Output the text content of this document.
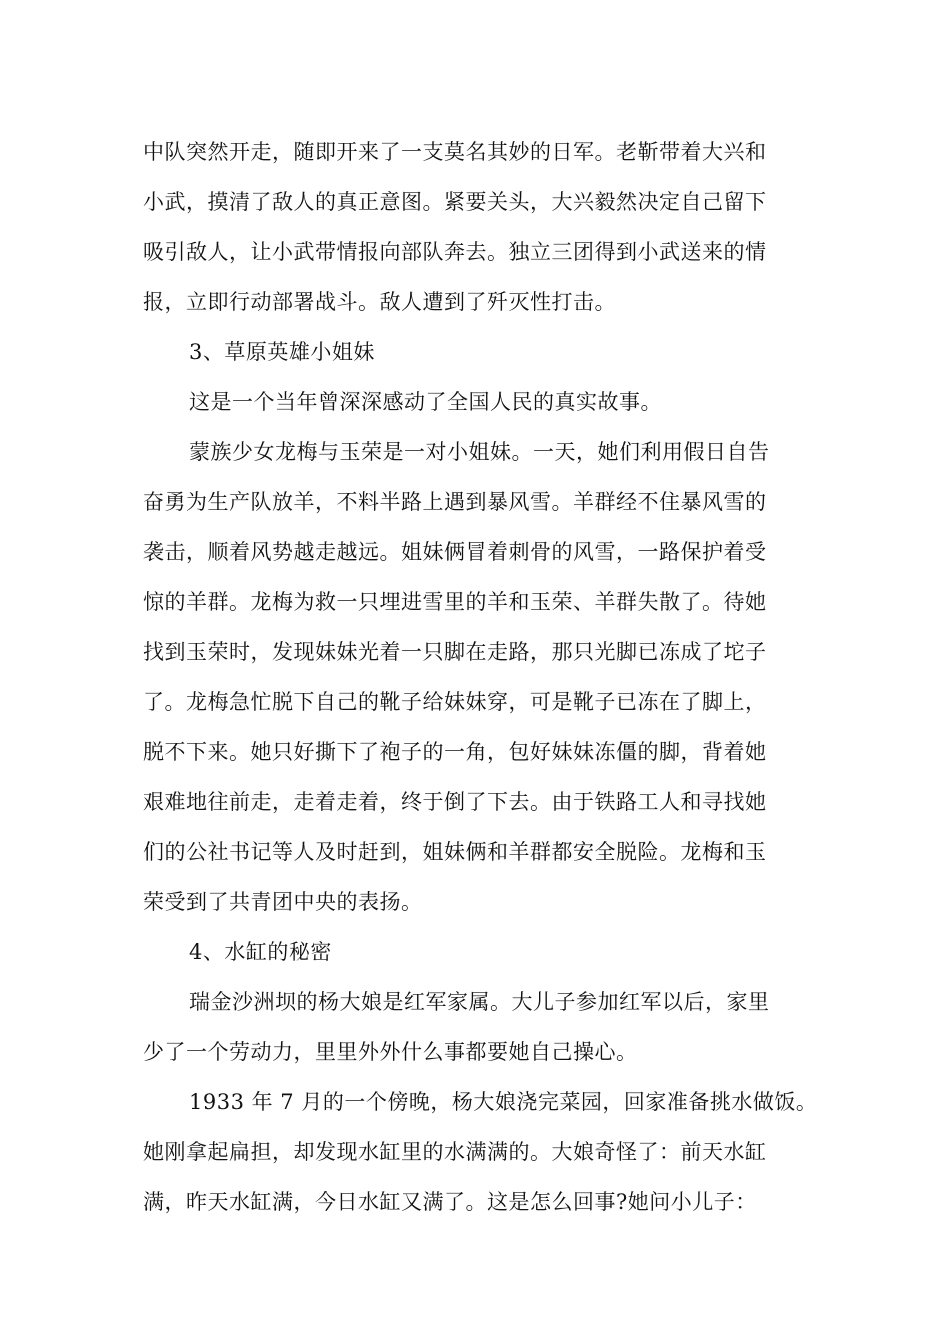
中队突然开走，随即开来了一支莫名其妙的日军。老靳带着大兴和
小武，摸清了敌人的真正意图。紧要关头，大兴毅然决定自己留下
吸引敌人，让小武带情报向部队奔去。独立三团得到小武送来的情
报，立即行动部署战斗。敌人遭到了歼灭性打击。
3、草原英雄小姐妹
这是一个当年曾深深感动了全国人民的真实故事。
蒙族少女龙梅与玉荣是一对小姐妹。一天，她们利用假日自告
奋勇为生产队放羊，不料半路上遇到暴风雪。羊群经不住暴风雪的
袭击，顺着风势越走越远。姐妹俩冒着刺骨的风雪，一路保护着受
惊的羊群。龙梅为救一只埋进雪里的羊和玉荣、羊群失散了。待她
找到玉荣时，发现妹妹光着一只脚在走路，那只光脚已冻成了坨子
了。龙梅急忙脱下自己的靴子给妹妹穿，可是靴子已冻在了脚上，
脱不下来。她只好撕下了袍子的一角，包好妹妹冻僵的脚，背着她
艰难地往前走，走着走着，终于倒了下去。由于铁路工人和寻找她
们的公社书记等人及时赶到，姐妹俩和羊群都安全脱险。龙梅和玉
荣受到了共青团中央的表扬。
4、水缸的秘密
瑞金沙洲坝的杨大娘是红军家属。大儿子参加红军以后，家里
少了一个劳动力，里里外外什么事都要她自己操心。
1933 年 7 月的一个傍晚，杨大娘浇完菜园，回家准备挑水做饭。
她刚拿起扁担，却发现水缸里的水满满的。大娘奇怪了：前天水缸
满，昨天水缸满，今日水缸又满了。这是怎么回事?她问小儿子：
